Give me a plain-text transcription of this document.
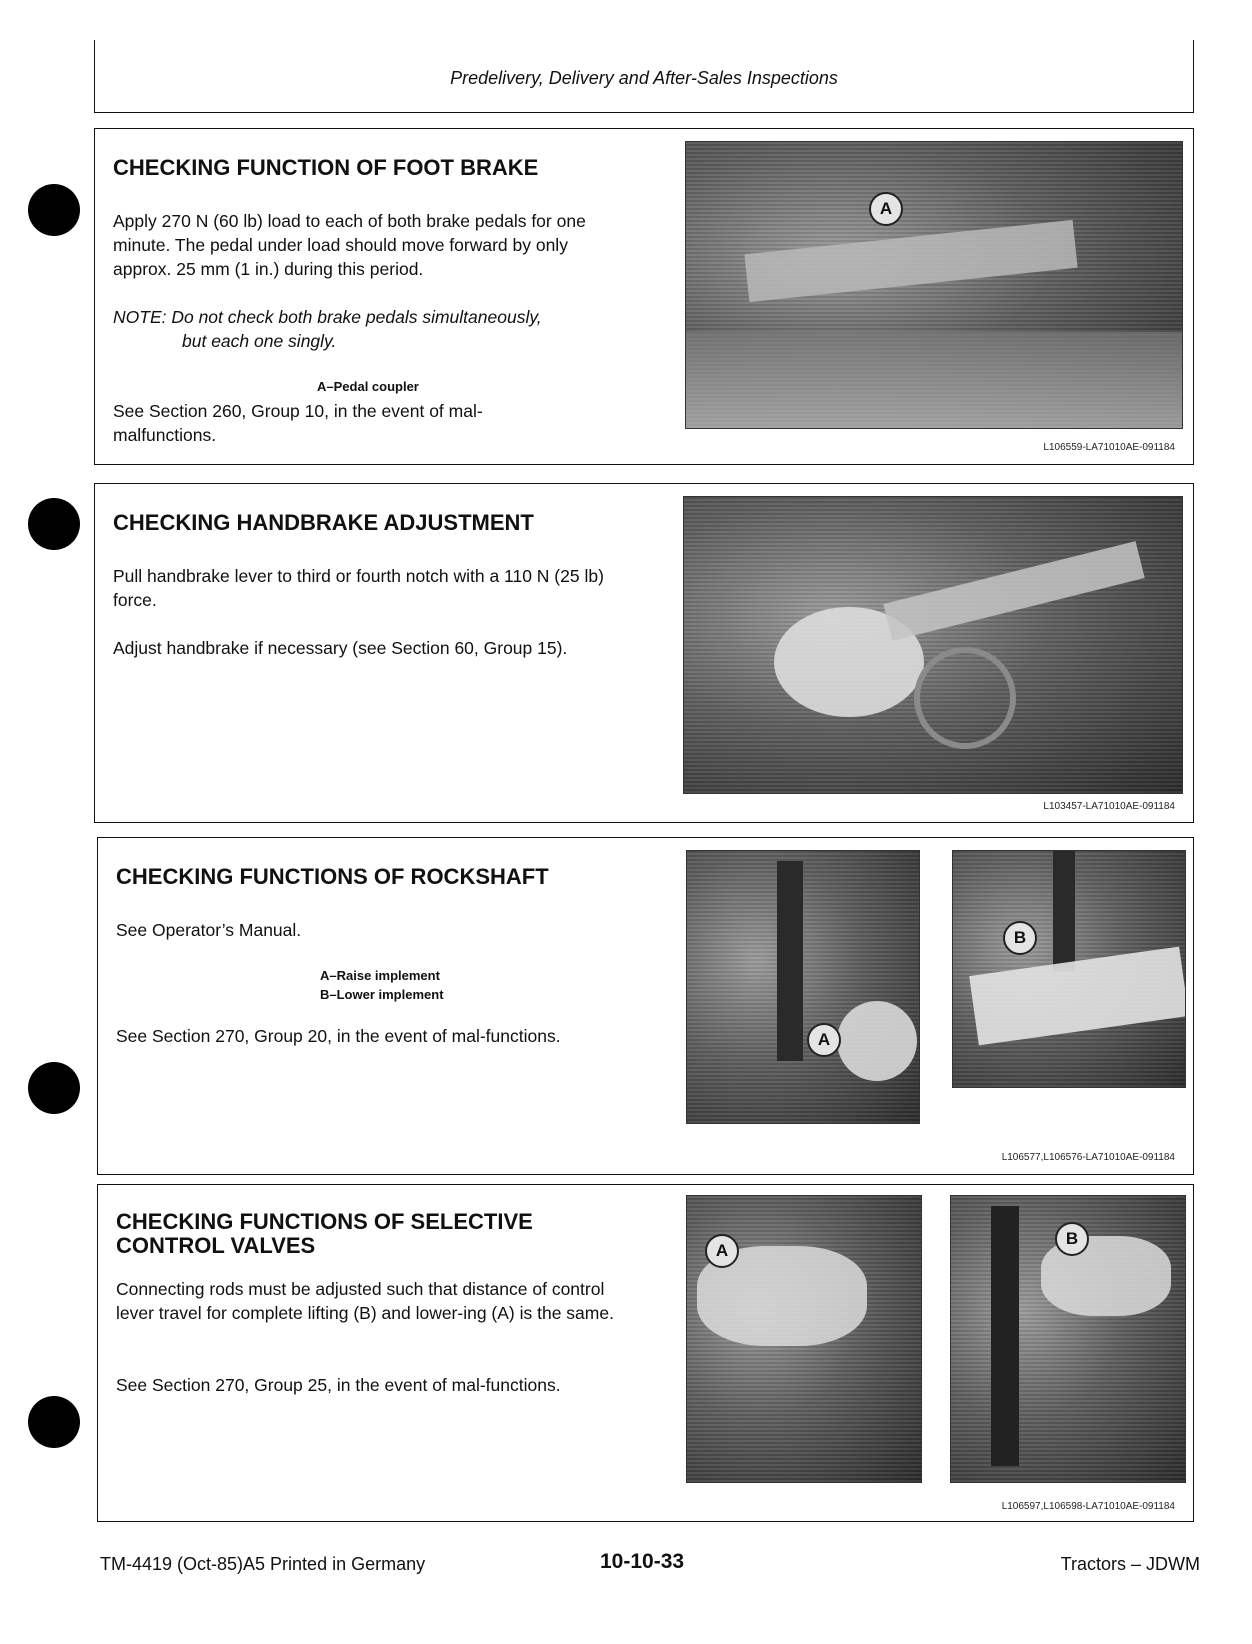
Predelivery, Delivery and After-Sales Inspections
CHECKING FUNCTION OF FOOT BRAKE
Apply 270 N (60 lb) load to each of both brake pedals for one minute. The pedal under load should move forward by only approx. 25 mm (1 in.) during this period.
NOTE: Do not check both brake pedals simultaneously,
but each one singly.
A–Pedal coupler
See Section 260, Group 10, in the event of mal-malfunctions.
A
L106559-LA71010AE-091184
CHECKING HANDBRAKE ADJUSTMENT
Pull handbrake lever to third or fourth notch with a 110 N (25 lb) force.
Adjust handbrake if necessary (see Section 60, Group 15).
L103457-LA71010AE-091184
CHECKING FUNCTIONS OF ROCKSHAFT
See Operator’s Manual.
A–Raise implement
B–Lower implement
See Section 270, Group 20, in the event of mal-functions.	A
B
L106577,L106576-LA71010AE-091184
CHECKING FUNCTIONS OF SELECTIVE
CONTROL VALVES
Connecting rods must be adjusted such that distance of control lever travel for complete lifting (B) and lower-ing (A) is the same.
See Section 270, Group 25, in the event of mal-functions.
A
B
L106597,L106598-LA71010AE-091184
TM-4419 (Oct-85)A5 Printed in Germany	10-10-33	Tractors – JDWM
